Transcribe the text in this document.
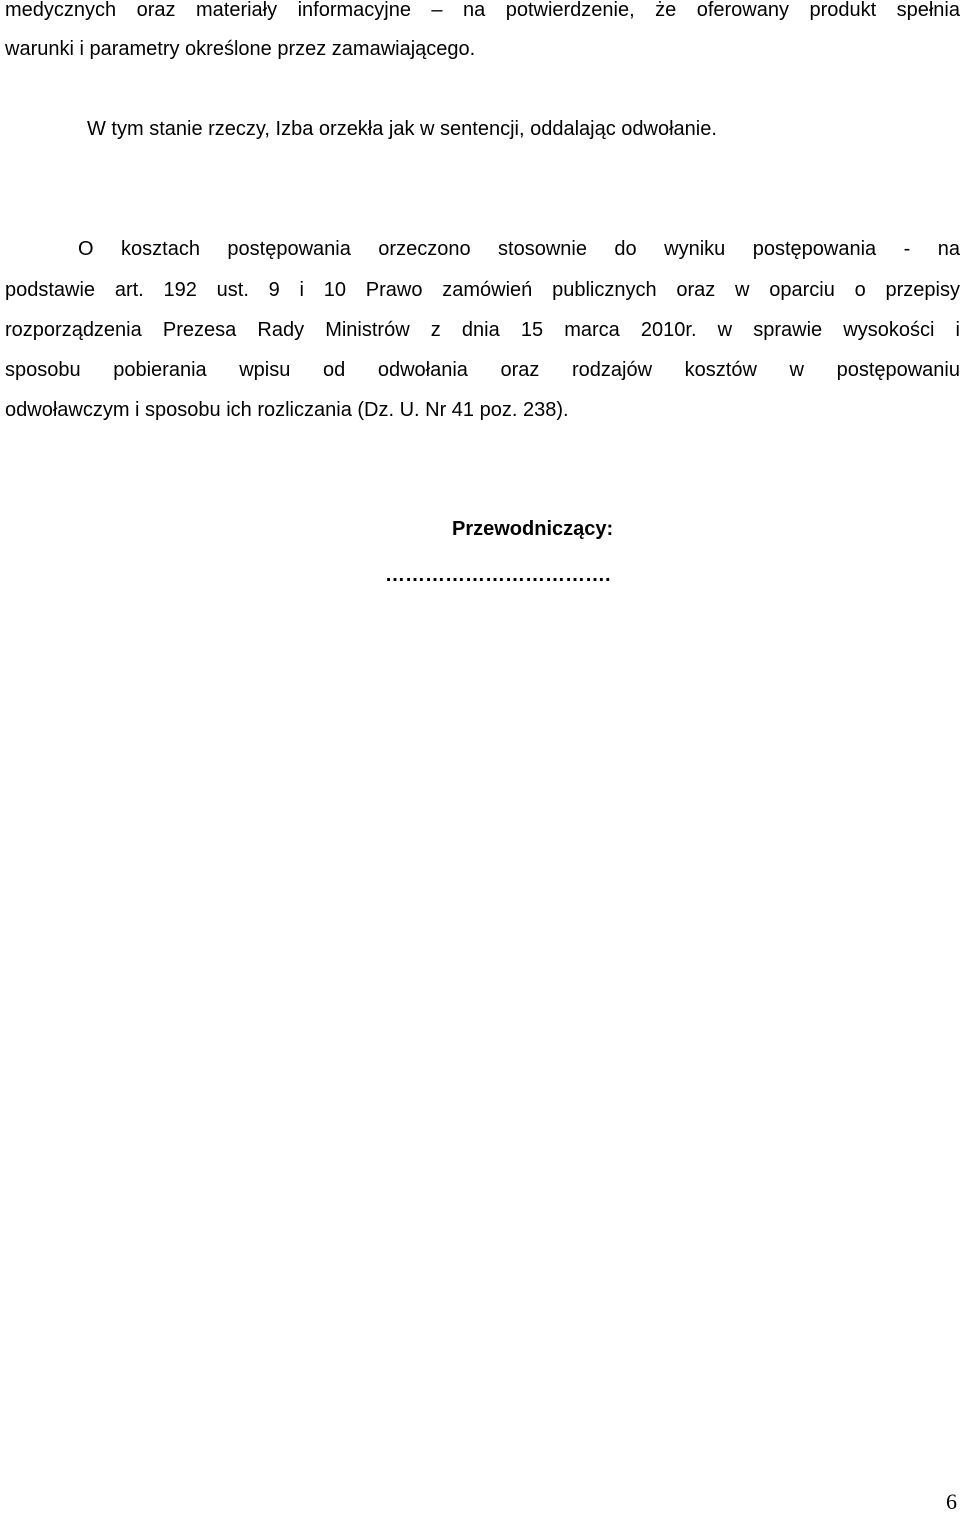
medycznych oraz materiały informacyjne – na potwierdzenie, że oferowany produkt spełnia

warunki i parametry określone przez zamawiającego.

W tym stanie rzeczy, Izba orzekła jak w sentencji, oddalając odwołanie.

O kosztach postępowania orzeczono stosownie do wyniku postępowania - na

podstawie art. 192 ust. 9 i 10 Prawo zamówień publicznych oraz w oparciu o przepisy

rozporządzenia Prezesa Rady Ministrów z dnia 15 marca 2010r. w sprawie wysokości i

sposobu pobierania wpisu od odwołania oraz rodzajów kosztów w postępowaniu

odwoławczym i sposobu ich rozliczania (Dz. U. Nr 41 poz. 238).

Przewodniczący:

…………………………….

6
